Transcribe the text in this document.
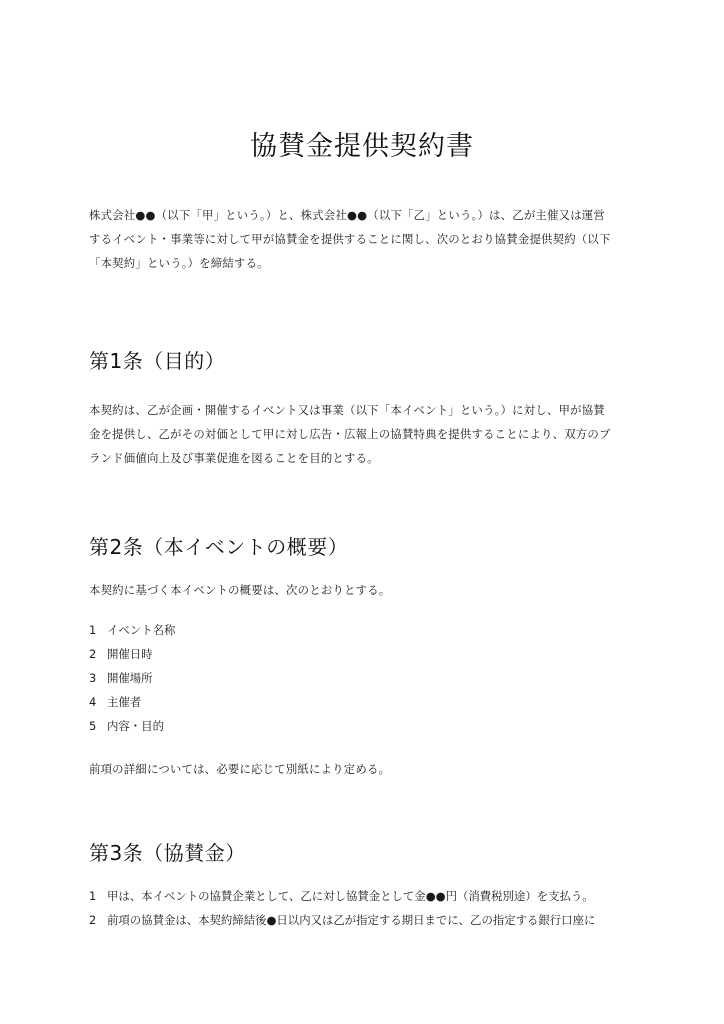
協賛金提供契約書
株式会社●●（以下「甲」という。）と、株式会社●●（以下「乙」という。）は、乙が主催又は運営
するイベント・事業等に対して甲が協賛金を提供することに関し、次のとおり協賛金提供契約（以下
「本契約」という。）を締結する。
第1条（目的）
本契約は、乙が企画・開催するイベント又は事業（以下「本イベント」という。）に対し、甲が協賛
金を提供し、乙がその対価として甲に対し広告・広報上の協賛特典を提供することにより、双方のブ
ランド価値向上及び事業促進を図ることを目的とする。
第2条（本イベントの概要）
本契約に基づく本イベントの概要は、次のとおりとする。
1 イベント名称
2 開催日時
3 開催場所
4 主催者
5 内容・目的
前項の詳細については、必要に応じて別紙により定める。
第3条（協賛金）
1 甲は、本イベントの協賛企業として、乙に対し協賛金として金●●円（消費税別途）を支払う。
2 前項の協賛金は、本契約締結後●日以内又は乙が指定する期日までに、乙の指定する銀行口座に
